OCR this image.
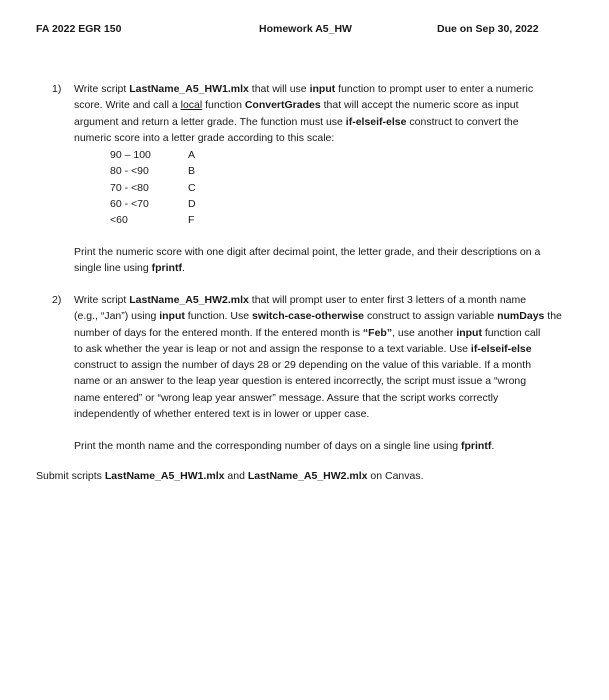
FA 2022 EGR 150	Homework A5_HW	Due on Sep 30, 2022
1) Write script LastName_A5_HW1.mlx that will use input function to prompt user to enter a numeric
score. Write and call a local function ConvertGrades that will accept the numeric score as input
argument and return a letter grade. The function must use if-elseif-else construct to convert the
numeric score into a letter grade according to this scale:
90 – 100	A
80 - <90	B
70 - <80	C
60 - <70	D
<60	F
Print the numeric score with one digit after decimal point, the letter grade, and their descriptions on a
single line using fprintf.
2) Write script LastName_A5_HW2.mlx that will prompt user to enter first 3 letters of a month name
(e.g., “Jan”) using input function. Use switch-case-otherwise construct to assign variable numDays the
number of days for the entered month. If the entered month is “Feb”, use another input function call
to ask whether the year is leap or not and assign the response to a text variable. Use if-elseif-else
construct to assign the number of days 28 or 29 depending on the value of this variable. If a month
name or an answer to the leap year question is entered incorrectly, the script must issue a “wrong
name entered” or “wrong leap year answer” message. Assure that the script works correctly
independently of whether entered text is in lower or upper case.
Print the month name and the corresponding number of days on a single line using fprintf.
Submit scripts LastName_A5_HW1.mlx and LastName_A5_HW2.mlx on Canvas.
